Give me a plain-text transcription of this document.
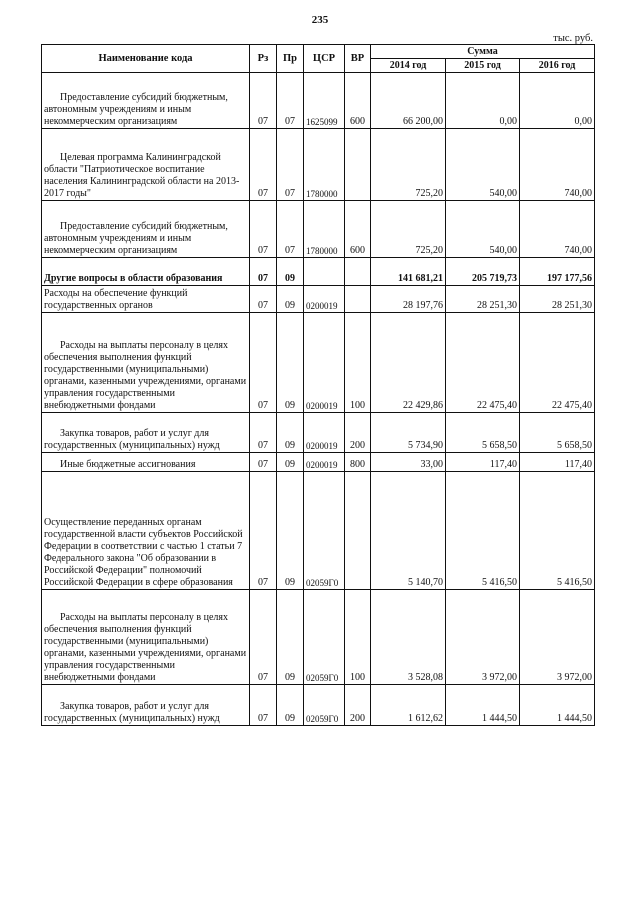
235
тыс. руб.
Наименование кода	Рз	Пр	ЦСР	ВР	Сумма		
					2014 год	2015 год	2016 год
Предоставление субсидий бюджетным, автономным учреждениям и иным некоммерческим организациям	07	07	1625099	600	66 200,00	0,00	0,00
Целевая программа Калининградской области "Патриотическое воспитание населения Калининградской области на 2013-2017 годы"	07	07	1780000		725,20	540,00	740,00
Предоставление субсидий бюджетным, автономным учреждениям и иным некоммерческим организациям	07	07	1780000	600	725,20	540,00	740,00
Другие вопросы в области образования	07	09			141 681,21	205 719,73	197 177,56
Расходы на обеспечение функций государственных органов	07	09	0200019		28 197,76	28 251,30	28 251,30
Расходы на выплаты персоналу в целях обеспечения выполнения функций государственными (муниципальными) органами, казенными учреждениями, органами управления государственными внебюджетными фондами	07	09	0200019	100	22 429,86	22 475,40	22 475,40
Закупка товаров, работ и услуг для государственных (муниципальных) нужд	07	09	0200019	200	5 734,90	5 658,50	5 658,50
Иные бюджетные ассигнования	07	09	0200019	800	33,00	117,40	117,40
Осуществление переданных органам государственной власти субъектов Российской Федерации в соответствии с частью 1 статьи 7 Федерального закона "Об образовании в Российской Федерации" полномочий Российской Федерации в сфере образования	07	09	02059Г0		5 140,70	5 416,50	5 416,50
Расходы на выплаты персоналу в целях обеспечения выполнения функций государственными (муниципальными) органами, казенными учреждениями, органами управления государственными внебюджетными фондами	07	09	02059Г0	100	3 528,08	3 972,00	3 972,00
Закупка товаров, работ и услуг для государственных (муниципальных) нужд	07	09	02059Г0	200	1 612,62	1 444,50	1 444,50
